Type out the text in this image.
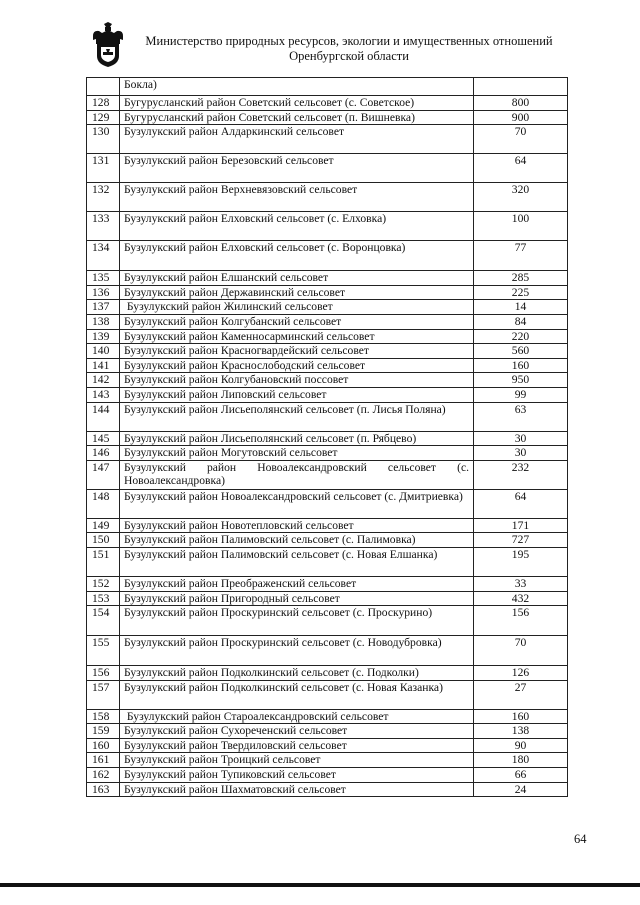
Министерство природных ресурсов, экологии и имущественных отношений
Оренбургской области
	Бокла)	
128	Бугурусланский район Советский сельсовет (с. Советское)	800
129	Бугурусланский район Советский сельсовет (п. Вишневка)	900
130	Бузулукский район Алдаркинский сельсовет	70
131	Бузулукский район Березовский сельсовет	64
132	Бузулукский район Верхневязовский сельсовет	320
133	Бузулукский район Елховский сельсовет (с. Елховка)	100
134	Бузулукский район Елховский сельсовет (с. Воронцовка)	77
135	Бузулукский район Елшанский сельсовет	285
136	Бузулукский район Державинский сельсовет	225
137	Бузулукский район Жилинский сельсовет	14
138	Бузулукский район Колгубанский сельсовет	84
139	Бузулукский район Каменносарминский сельсовет	220
140	Бузулукский район Красногвардейский сельсовет	560
141	Бузулукский район Краснослободский сельсовет	160
142	Бузулукский район Колгубановский поссовет	950
143	Бузулукский район Липовский сельсовет	99
144	Бузулукский район Лисьеполянский сельсовет (п. Лисья Поляна)	63
145	Бузулукский район Лисьеполянский сельсовет (п. Рябцево)	30
146	Бузулукский район Могутовский сельсовет	30
147	Бузулукский район Новоалександровский сельсовет (с. Новоалександровка)	232
148	Бузулукский район Новоалександровский сельсовет (с. Дмитриевка)	64
149	Бузулукский район Новотепловский сельсовет	171
150	Бузулукский район Палимовский сельсовет (с. Палимовка)	727
151	Бузулукский район Палимовский сельсовет (с. Новая Елшанка)	195
152	Бузулукский район Преображенский сельсовет	33
153	Бузулукский район Пригородный сельсовет	432
154	Бузулукский район Проскуринский сельсовет (с. Проскурино)	156
155	Бузулукский район Проскуринский сельсовет (с. Новодубровка)	70
156	Бузулукский район Подколкинский сельсовет (с. Подколки)	126
157	Бузулукский район Подколкинский сельсовет (с. Новая Казанка)	27
158	Бузулукский район Староалександровский сельсовет	160
159	Бузулукский район Сухореченский сельсовет	138
160	Бузулукский район Твердиловский сельсовет	90
161	Бузулукский район Троицкий сельсовет	180
162	Бузулукский район Тупиковский сельсовет	66
163	Бузулукский район Шахматовский сельсовет	24
64
